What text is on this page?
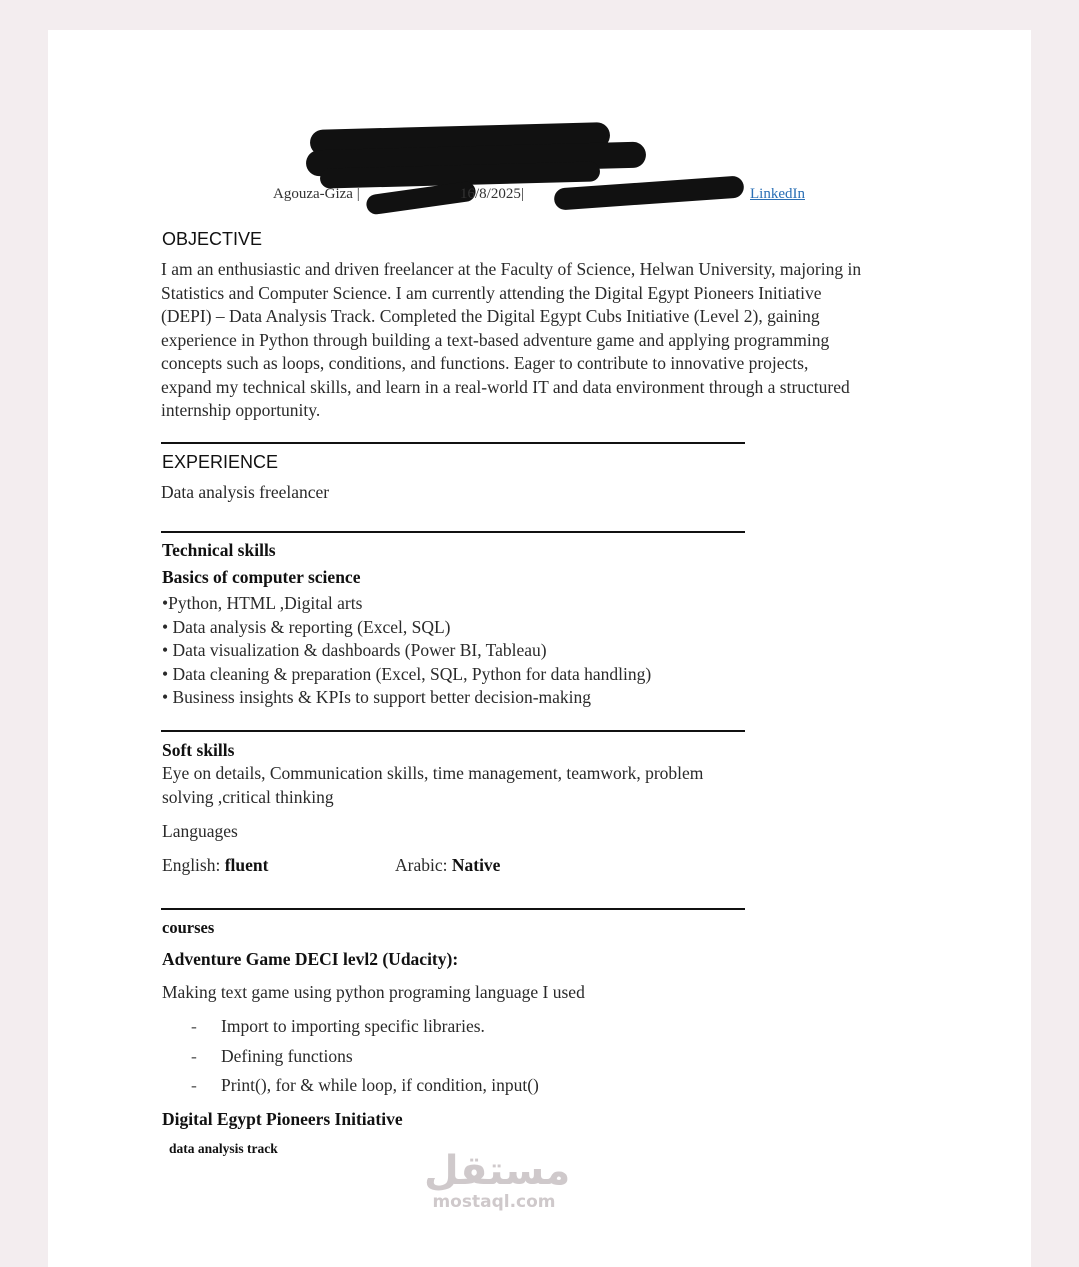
Agouza-Giza |	16/8/2025|	LinkedIn
OBJECTIVE
I am an enthusiastic and driven freelancer at the Faculty of Science, Helwan University, majoring in
Statistics and Computer Science. I am currently attending the Digital Egypt Pioneers Initiative
(DEPI) – Data Analysis Track. Completed the Digital Egypt Cubs Initiative (Level 2), gaining
experience in Python through building a text-based adventure game and applying programming
concepts such as loops, conditions, and functions. Eager to contribute to innovative projects,
expand my technical skills, and learn in a real-world IT and data environment through a structured
internship opportunity.
EXPERIENCE
Data analysis freelancer
Technical skills
Basics of computer science
•Python, HTML ,Digital arts
• Data analysis & reporting (Excel, SQL)
• Data visualization & dashboards (Power BI, Tableau)
• Data cleaning & preparation (Excel, SQL, Python for data handling)
• Business insights & KPIs to support better decision-making
Soft skills
Eye on details, Communication skills, time management, teamwork, problem
solving ,critical thinking
Languages
English: fluent	Arabic: Native
courses
Adventure Game DECI levl2 (Udacity):
Making text game using python programing language I used
- Import to importing specific libraries.
- Defining functions
- Print(), for & while loop, if condition, input()
Digital Egypt Pioneers Initiative
data analysis track	مستقل
mostaql.com
